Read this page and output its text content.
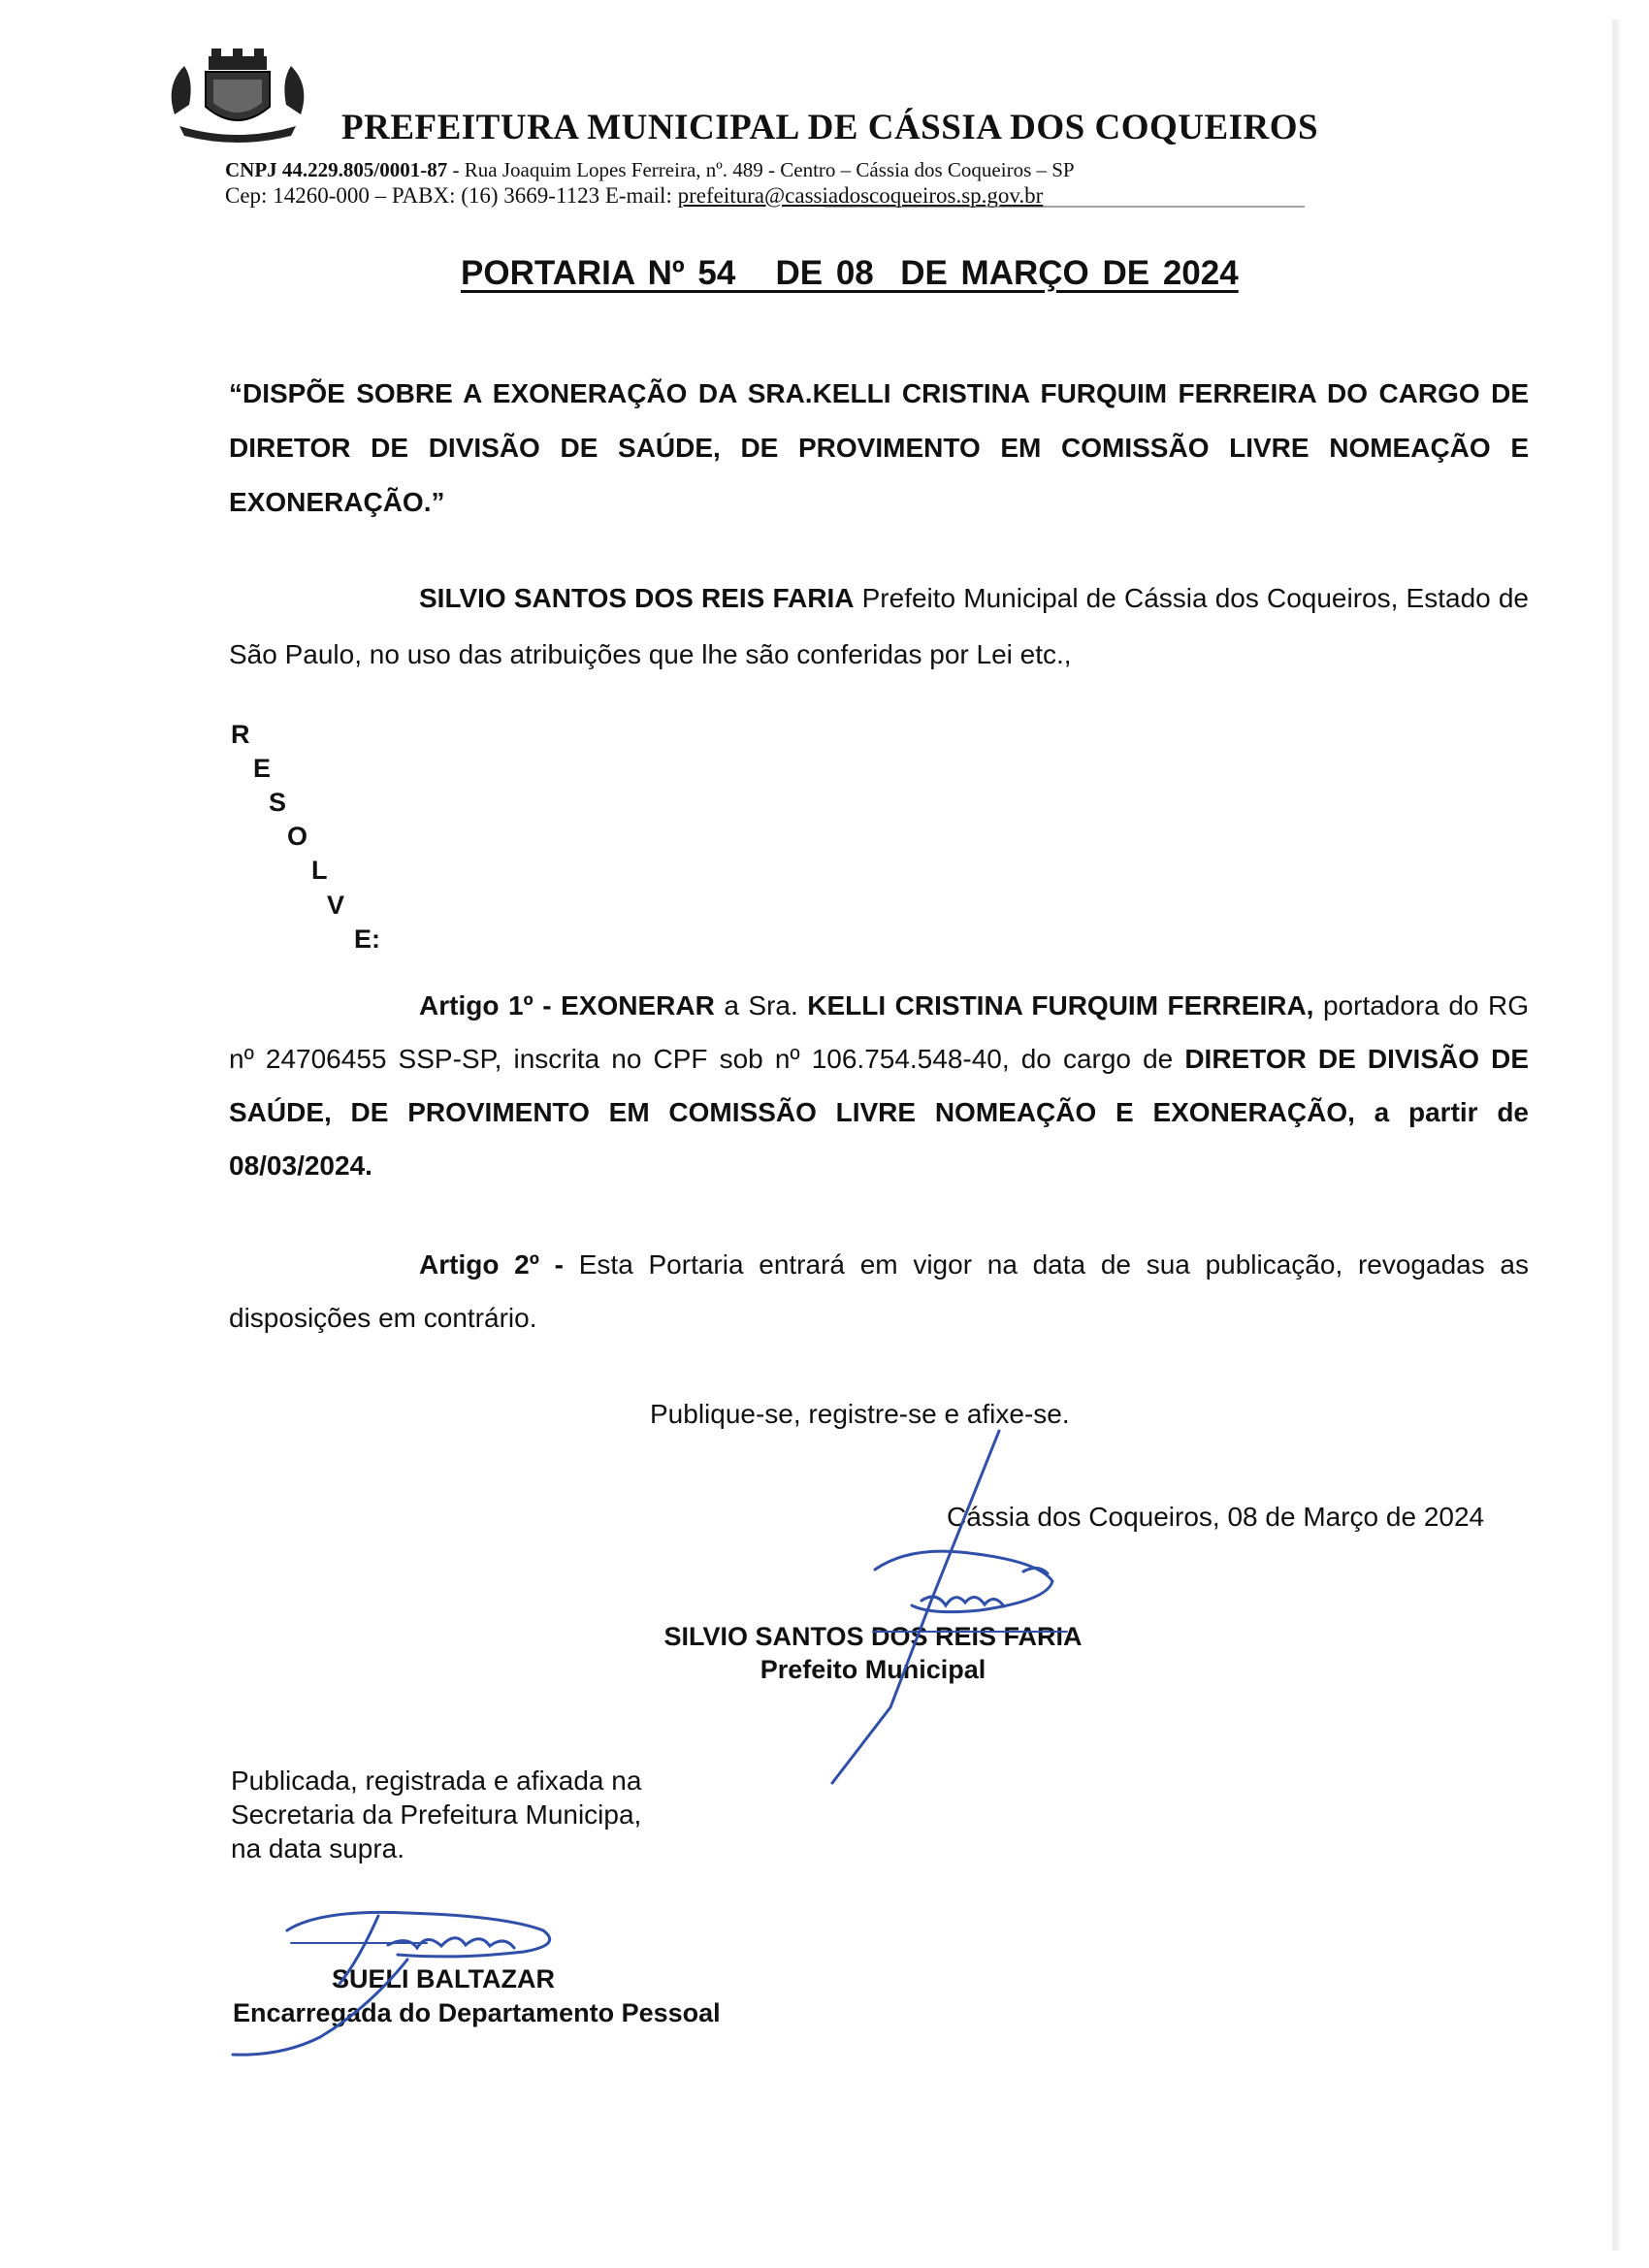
PREFEITURA MUNICIPAL DE CÁSSIA DOS COQUEIROS
CNPJ 44.229.805/0001-87 - Rua Joaquim Lopes Ferreira, nº. 489 - Centro – Cássia dos Coqueiros – SP
Cep: 14260-000 – PABX: (16) 3669-1123 E-mail: prefeitura@cassiadoscoqueiros.sp.gov.br
PORTARIA Nº 54   DE 08  DE MARÇO DE 2024
“DISPÕE SOBRE A EXONERAÇÃO DA SRA.KELLI CRISTINA FURQUIM FERREIRA DO CARGO DE DIRETOR DE DIVISÃO DE SAÚDE, DE PROVIMENTO EM COMISSÃO LIVRE NOMEAÇÃO E EXONERAÇÃO.”
SILVIO SANTOS DOS REIS FARIA Prefeito Municipal de Cássia dos Coqueiros, Estado de São Paulo, no uso das atribuições que lhe são conferidas por Lei etc.,
R
E
S
O
L
V
E:
Artigo 1º - EXONERAR a Sra. KELLI CRISTINA FURQUIM FERREIRA, portadora do RG nº 24706455 SSP-SP, inscrita no CPF sob nº 106.754.548-40, do cargo de DIRETOR DE DIVISÃO DE SAÚDE, DE PROVIMENTO EM COMISSÃO LIVRE NOMEAÇÃO E EXONERAÇÃO, a partir de 08/03/2024.
Artigo 2º - Esta Portaria entrará em vigor na data de sua publicação, revogadas as disposições em contrário.
Publique-se, registre-se e afixe-se.
Cássia dos Coqueiros, 08 de Março de 2024
SILVIO SANTOS DOS REIS FARIA
Prefeito Municipal
Publicada, registrada e afixada na
Secretaria da Prefeitura Municipa,
na data supra.
SUELI BALTAZAR
Encarregada do Departamento Pessoal
